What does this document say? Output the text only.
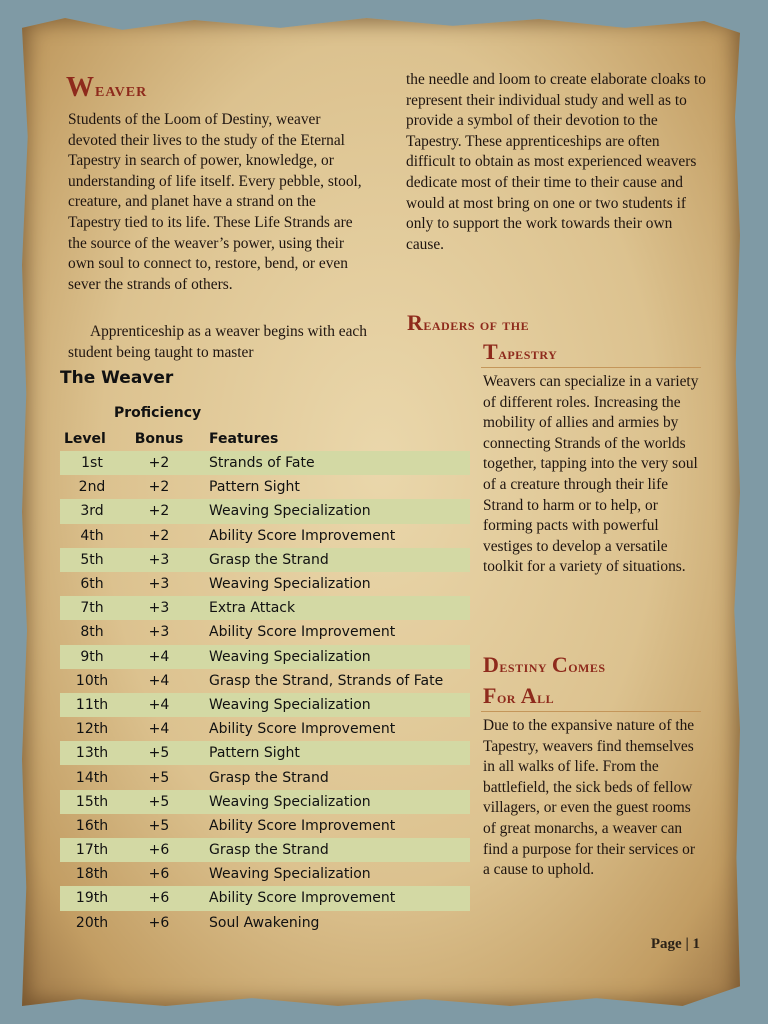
Weaver

Students of the Loom of Destiny, weaver devoted their lives to the study of the Eternal Tapestry in search of power, knowledge, or understanding of life itself. Every pebble, stool, creature, and planet have a strand on the Tapestry tied to its life. These Life Strands are the source of the weaver’s power, using their own soul to connect to, restore, bend, or even sever the strands of others.

Apprenticeship as a weaver begins with each student being taught to master

the needle and loom to create elaborate cloaks to represent their individual study and well as to provide a symbol of their devotion to the Tapestry. These apprenticeships are often difficult to obtain as most experienced weavers dedicate most of their time to their cause and would at most bring on one or two students if only to support the work towards their own cause.

Readers of the
Tapestry

Weavers can specialize in a variety of different roles. Increasing the mobility of allies and armies by connecting Strands of the worlds together, tapping into the very soul of a creature through their life Strand to harm or to help, or forming pacts with powerful vestiges to develop a versatile toolkit for a variety of situations.

Destiny Comes
For All

Due to the expansive nature of the Tapestry, weavers find themselves in all walks of life. From the battlefield, the sick beds of fellow villagers, or even the guest rooms of great monarchs, a weaver can find a purpose for their services or a cause to uphold.

The Weaver
Proficiency
Level	Bonus	Features
1st	+2	Strands of Fate
2nd	+2	Pattern Sight
3rd	+2	Weaving Specialization
4th	+2	Ability Score Improvement
5th	+3	Grasp the Strand
6th	+3	Weaving Specialization
7th	+3	Extra Attack
8th	+3	Ability Score Improvement
9th	+4	Weaving Specialization
10th	+4	Grasp the Strand, Strands of Fate
11th	+4	Weaving Specialization
12th	+4	Ability Score Improvement
13th	+5	Pattern Sight
14th	+5	Grasp the Strand
15th	+5	Weaving Specialization
16th	+5	Ability Score Improvement
17th	+6	Grasp the Strand
18th	+6	Weaving Specialization
19th	+6	Ability Score Improvement
20th	+6	Soul Awakening
Page | 1
